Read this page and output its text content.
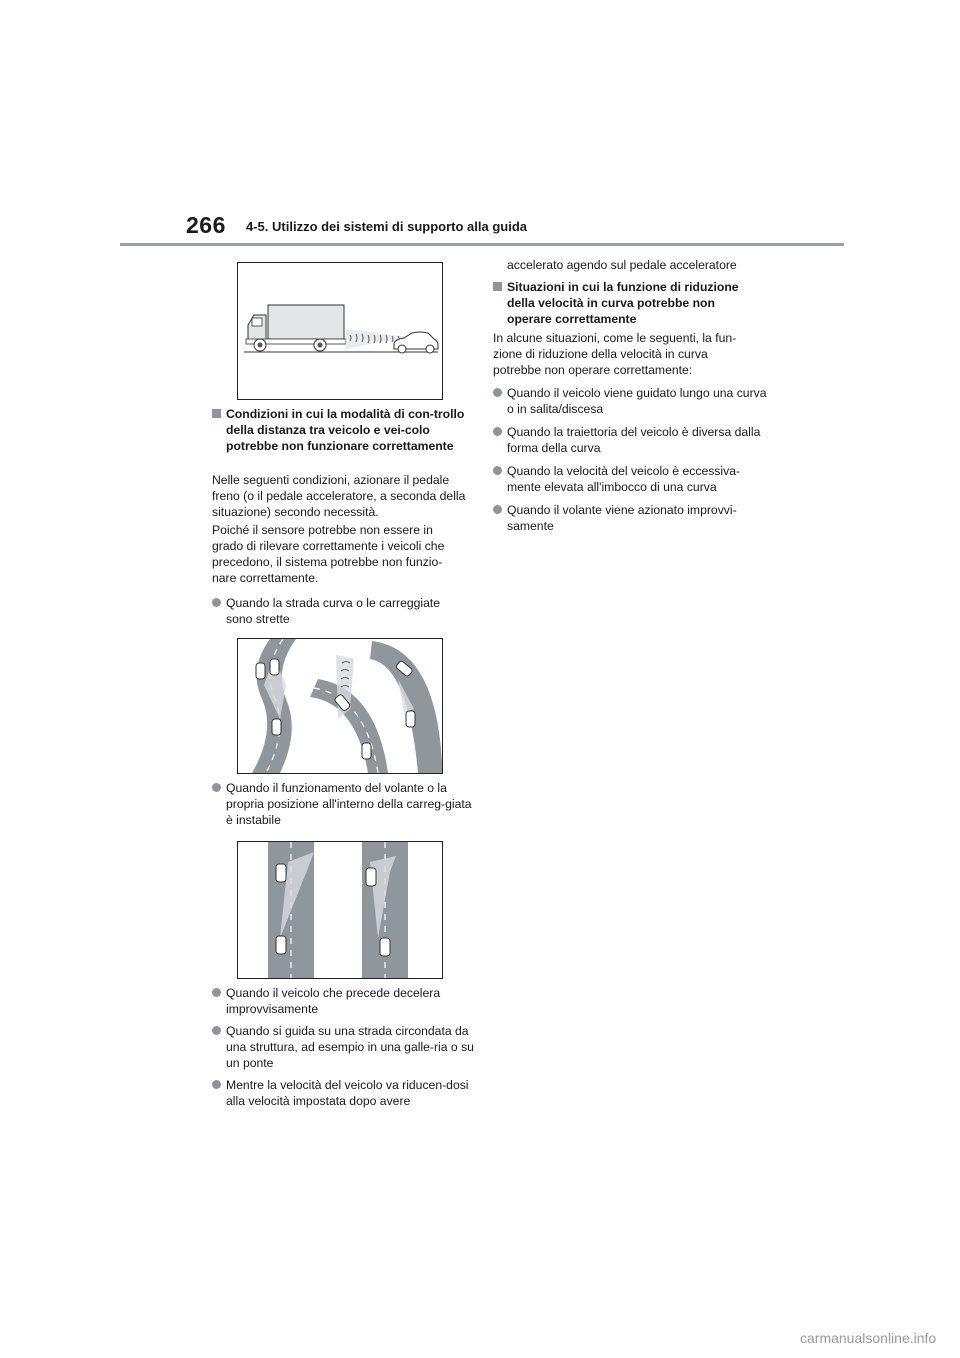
266 4-5. Utilizzo dei sistemi di supporto alla guida
Condizioni in cui la modalità di con-trollo della distanza tra veicolo e vei-colo potrebbe non funzionare correttamente
Nelle seguenti condizioni, azionare il pedale freno (o il pedale acceleratore, a seconda della situazione) secondo necessità.
Poiché il sensore potrebbe non essere in grado di rilevare correttamente i veicoli che precedono, il sistema potrebbe non funzio-nare correttamente.
Quando la strada curva o le carreggiate sono strette
Quando il funzionamento del volante o la propria posizione all'interno della carreg-giata è instabile
Quando il veicolo che precede decelera improvvisamente
Quando si guida su una strada circondata da una struttura, ad esempio in una galle-ria o su un ponte
Mentre la velocità del veicolo va riducen-dosi alla velocità impostata dopo avere
accelerato agendo sul pedale acceleratore
Situazioni in cui la funzione di riduzione della velocità in curva potrebbe non operare correttamente
In alcune situazioni, come le seguenti, la fun-zione di riduzione della velocità in curva potrebbe non operare correttamente:
Quando il veicolo viene guidato lungo una curva o in salita/discesa
Quando la traiettoria del veicolo è diversa dalla forma della curva
Quando la velocità del veicolo è eccessiva-mente elevata all'imbocco di una curva
Quando il volante viene azionato improvvi-samente
carmanualsonline.info
